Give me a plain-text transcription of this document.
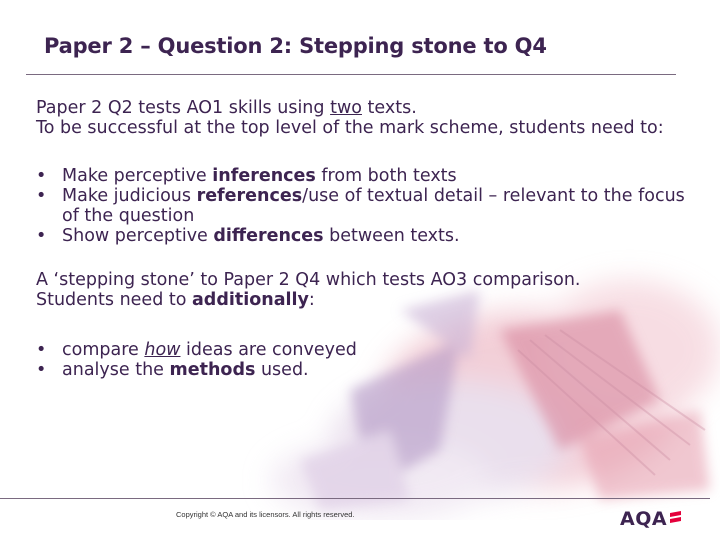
Paper 2 – Question 2: Stepping stone to Q4

Paper 2 Q2 tests AO1 skills using two texts.

To be successful at the top level of the mark scheme, students need to:

• Make perceptive inferences from both texts
• Make judicious references/use of textual detail – relevant to the focus of the question
• Show perceptive differences between texts.

A ‘stepping stone’ to Paper 2 Q4 which tests AO3 comparison.

Students need to additionally:

• compare how ideas are conveyed
• analyse the methods used.
Copyright © AQA and its licensors. All rights reserved.	AQA
